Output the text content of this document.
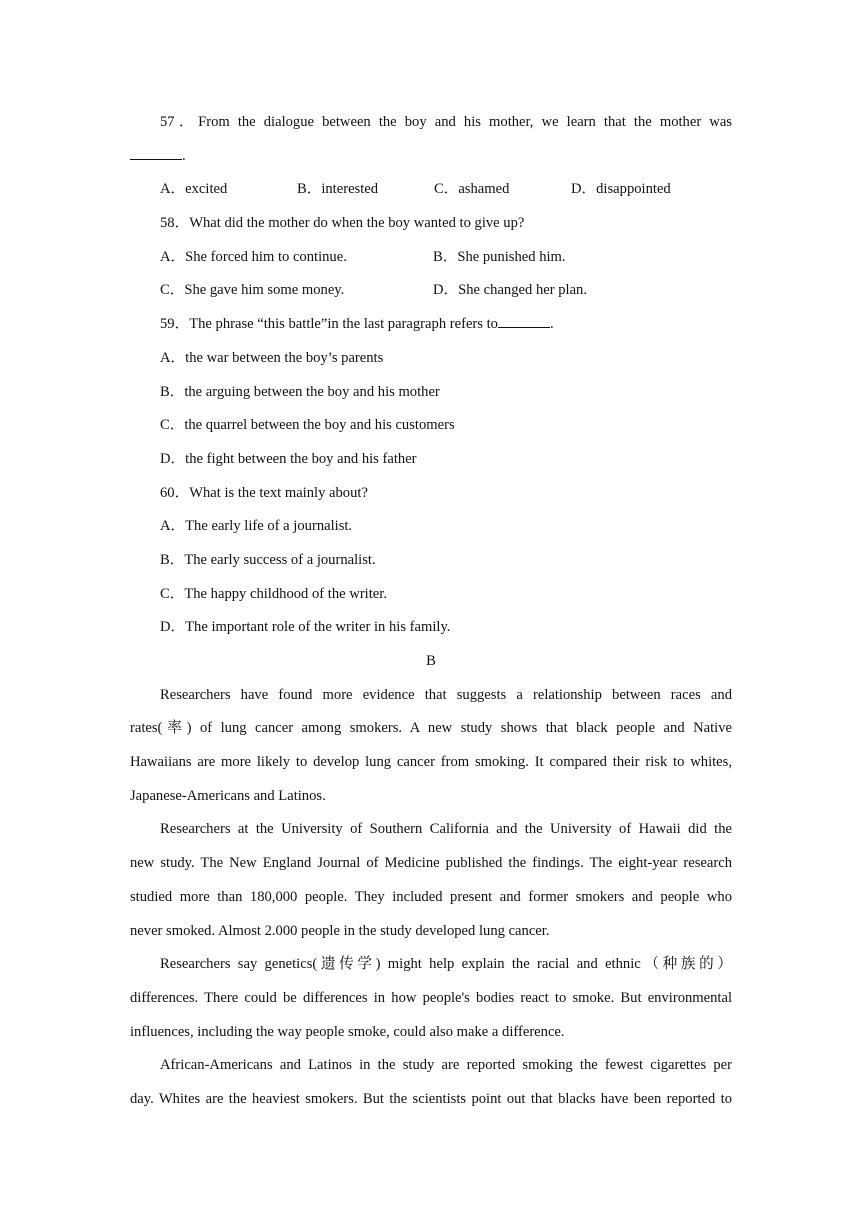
57．From the dialogue between the boy and his mother, we learn that the mother was
.
A．excited	B．interested	C．ashamed	D．disappointed
58．What did the mother do when the boy wanted to give up?
A．She forced him to continue.	B．She punished him.
C．She gave him some money.	D．She changed her plan.
59．The phrase “this battle”in the last paragraph refers to	.
A．the war between the boy’s parents
B．the arguing between the boy and his mother
C．the quarrel between the boy and his customers
D．the fight between the boy and his father
60．What is the text mainly about?
A．The early life of a journalist.
B．The early success of a journalist.
C．The happy childhood of the writer.
D．The important role of the writer in his family.
B
Researchers have found more evidence that suggests a relationship between races and
rates(率) of lung cancer among smokers. A new study shows that black people and Native
Hawaiians are more likely to develop lung cancer from smoking. It compared their risk to whites,
Japanese-Americans and Latinos.
Researchers at the University of Southern California and the University of Hawaii did the
new study. The New England Journal of Medicine published the findings. The eight-year research
studied more than 180,000 people. They included present and former smokers and people who
never smoked. Almost 2.000 people in the study developed lung cancer.
Researchers say genetics(遗传学) might help explain the racial and ethnic（种族的）
differences. There could be differences in how people's bodies react to smoke. But environmental
influences, including the way people smoke, could also make a difference.
African-Americans and Latinos in the study are reported smoking the fewest cigarettes per
day. Whites are the heaviest smokers. But the scientists point out that blacks have been reported to
